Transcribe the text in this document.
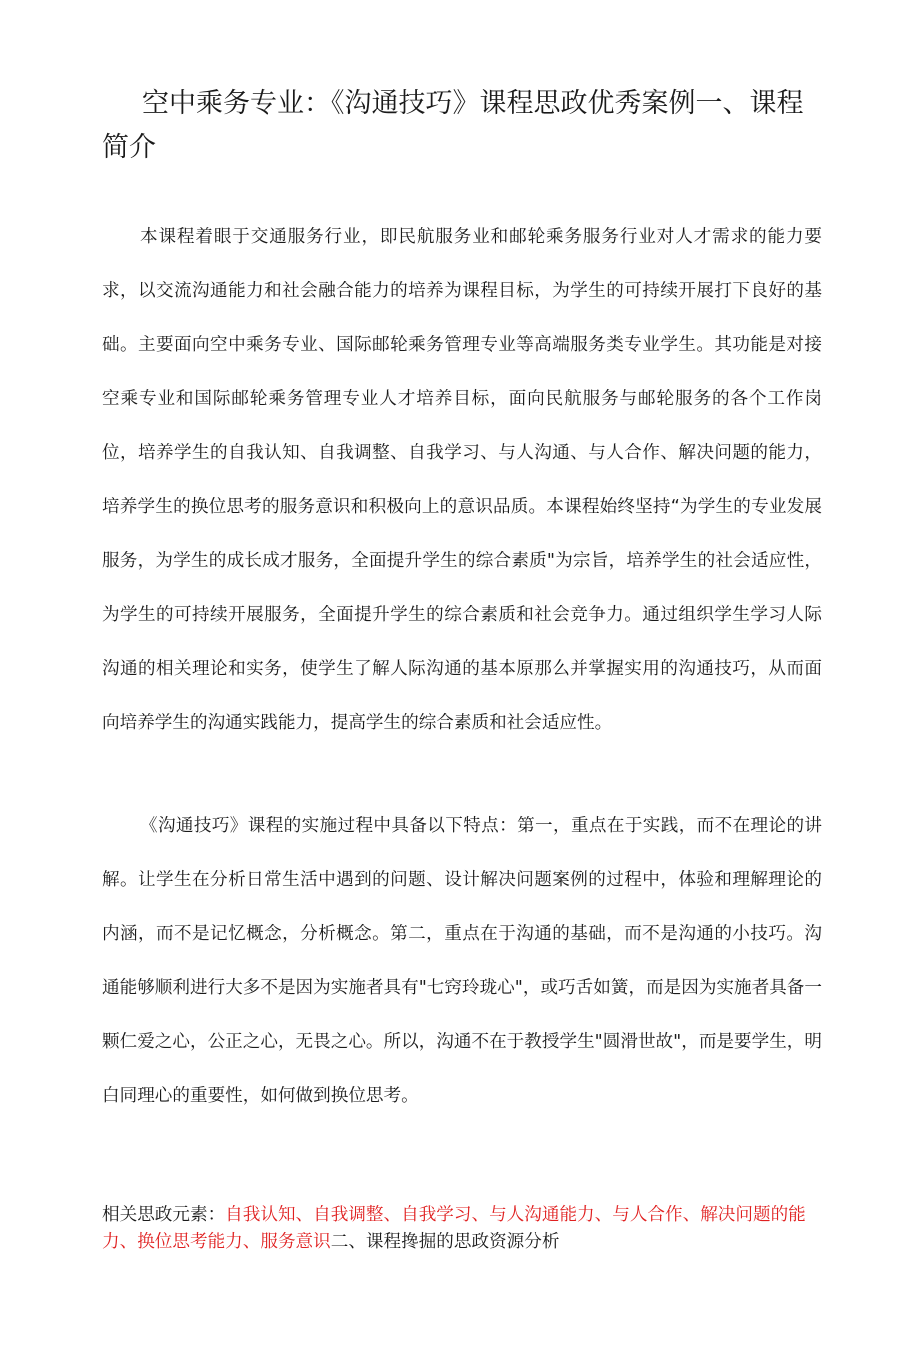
空中乘务专业：《沟通技巧》课程思政优秀案例一、课程简介

本课程着眼于交通服务行业，即民航服务业和邮轮乘务服务行业对人才需求的能力要求，以交流沟通能力和社会融合能力的培养为课程目标，为学生的可持续开展打下良好的基础。主要面向空中乘务专业、国际邮轮乘务管理专业等高端服务类专业学生。其功能是对接空乘专业和国际邮轮乘务管理专业人才培养目标，面向民航服务与邮轮服务的各个工作岗位，培养学生的自我认知、自我调整、自我学习、与人沟通、与人合作、解决问题的能力，培养学生的换位思考的服务意识和积极向上的意识品质。本课程始终坚持“为学生的专业发展服务，为学生的成长成才服务，全面提升学生的综合素质"为宗旨，培养学生的社会适应性，为学生的可持续开展服务，全面提升学生的综合素质和社会竞争力。通过组织学生学习人际沟通的相关理论和实务，使学生了解人际沟通的基本原那么并掌握实用的沟通技巧，从而面向培养学生的沟通实践能力，提高学生的综合素质和社会适应性。

《沟通技巧》课程的实施过程中具备以下特点：第一，重点在于实践，而不在理论的讲解。让学生在分析日常生活中遇到的问题、设计解决问题案例的过程中，体验和理解理论的内涵，而不是记忆概念，分析概念。第二，重点在于沟通的基础，而不是沟通的小技巧。沟通能够顺利进行大多不是因为实施者具有"七窍玲珑心"，或巧舌如簧，而是因为实施者具备一颗仁爱之心，公正之心，无畏之心。所以，沟通不在于教授学生"圆滑世故"，而是要学生，明白同理心的重要性，如何做到换位思考。

相关思政元素：自我认知、自我调整、自我学习、与人沟通能力、与人合作、解决问题的能力、换位思考能力、服务意识二、课程搀掘的思政资源分析
